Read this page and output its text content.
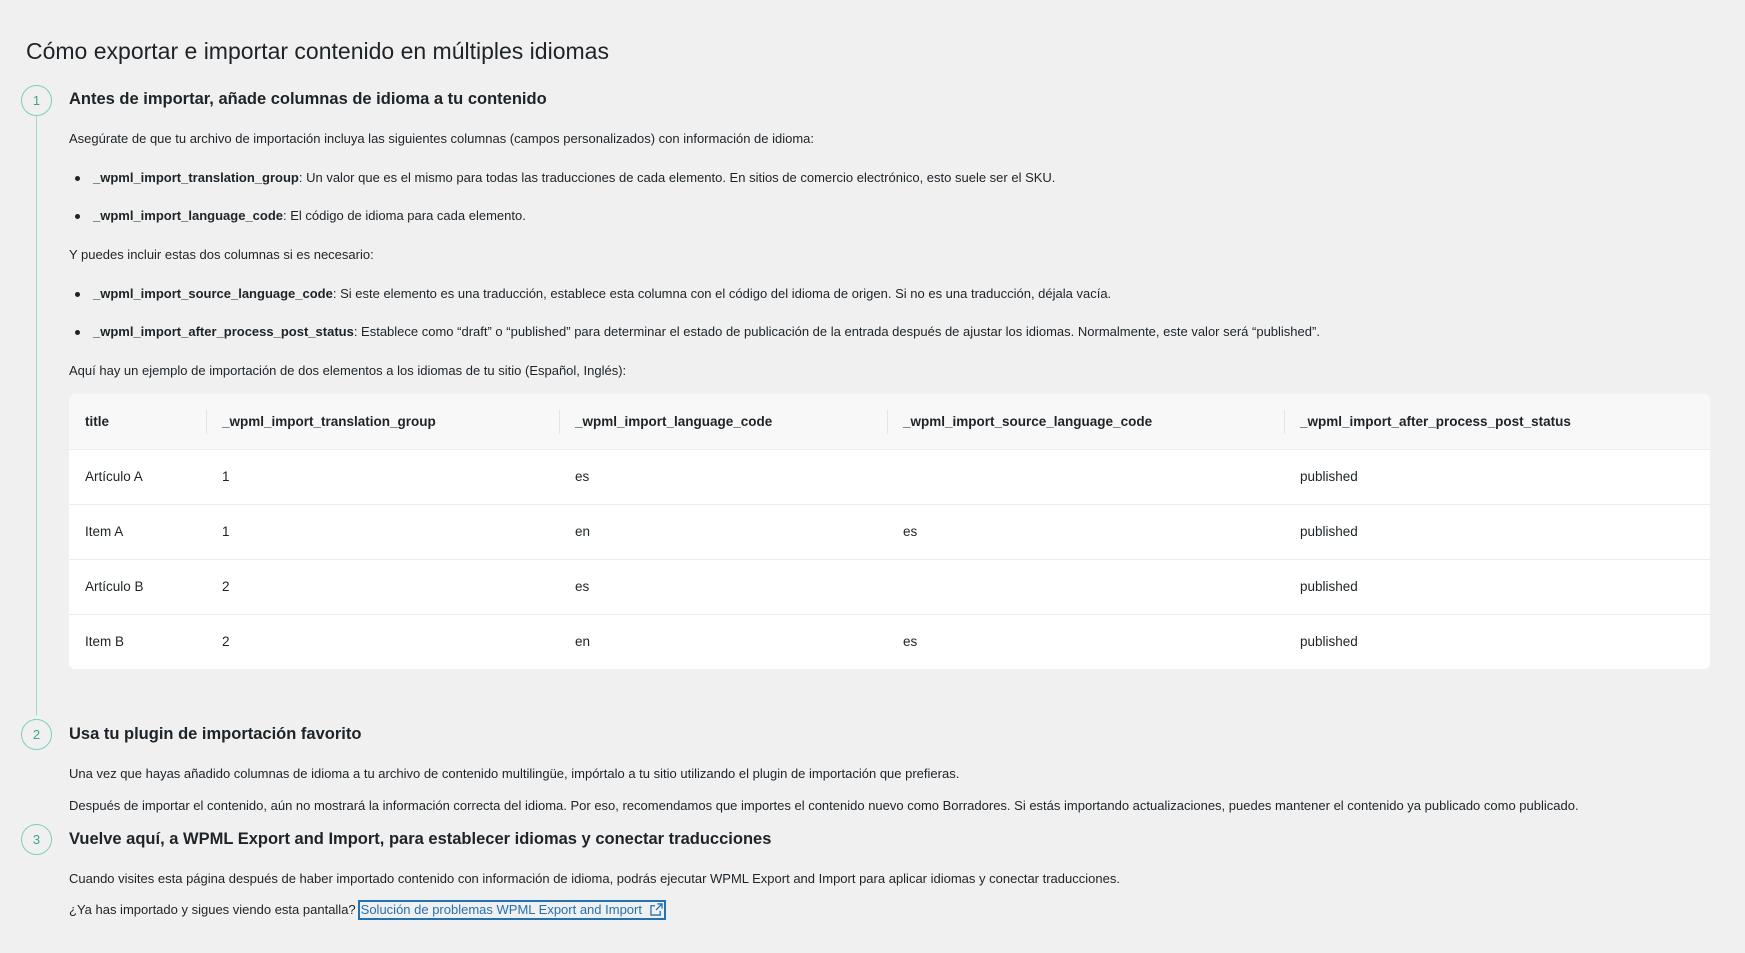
Cómo exportar e importar contenido en múltiples idiomas
1	Antes de importar, añade columnas de idioma a tu contenido
Asegúrate de que tu archivo de importación incluya las siguientes columnas (campos personalizados) con información de idioma:
_wpml_import_translation_group: Un valor que es el mismo para todas las traducciones de cada elemento. En sitios de comercio electrónico, esto suele ser el SKU.
_wpml_import_language_code: El código de idioma para cada elemento.
Y puedes incluir estas dos columnas si es necesario:
_wpml_import_source_language_code: Si este elemento es una traducción, establece esta columna con el código del idioma de origen. Si no es una traducción, déjala vacía.
_wpml_import_after_process_post_status: Establece como “draft” o “published” para determinar el estado de publicación de la entrada después de ajustar los idiomas. Normalmente, este valor será “published”.
Aquí hay un ejemplo de importación de dos elementos a los idiomas de tu sitio (Español, Inglés):
title	_wpml_import_translation_group	_wpml_import_language_code	_wpml_import_source_language_code	_wpml_import_after_process_post_status
Artículo A	1	es		published
Item A	1	en	es	published
Artículo B	2	es		published
Item B	2	en	es	published
2	Usa tu plugin de importación favorito
Una vez que hayas añadido columnas de idioma a tu archivo de contenido multilingüe, impórtalo a tu sitio utilizando el plugin de importación que prefieras.
Después de importar el contenido, aún no mostrará la información correcta del idioma. Por eso, recomendamos que importes el contenido nuevo como Borradores. Si estás importando actualizaciones, puedes mantener el contenido ya publicado como publicado.
3	Vuelve aquí, a WPML Export and Import, para establecer idiomas y conectar traducciones
Cuando visites esta página después de haber importado contenido con información de idioma, podrás ejecutar WPML Export and Import para aplicar idiomas y conectar traducciones.
¿Ya has importado y sigues viendo esta pantalla? Solución de problemas WPML Export and Import
